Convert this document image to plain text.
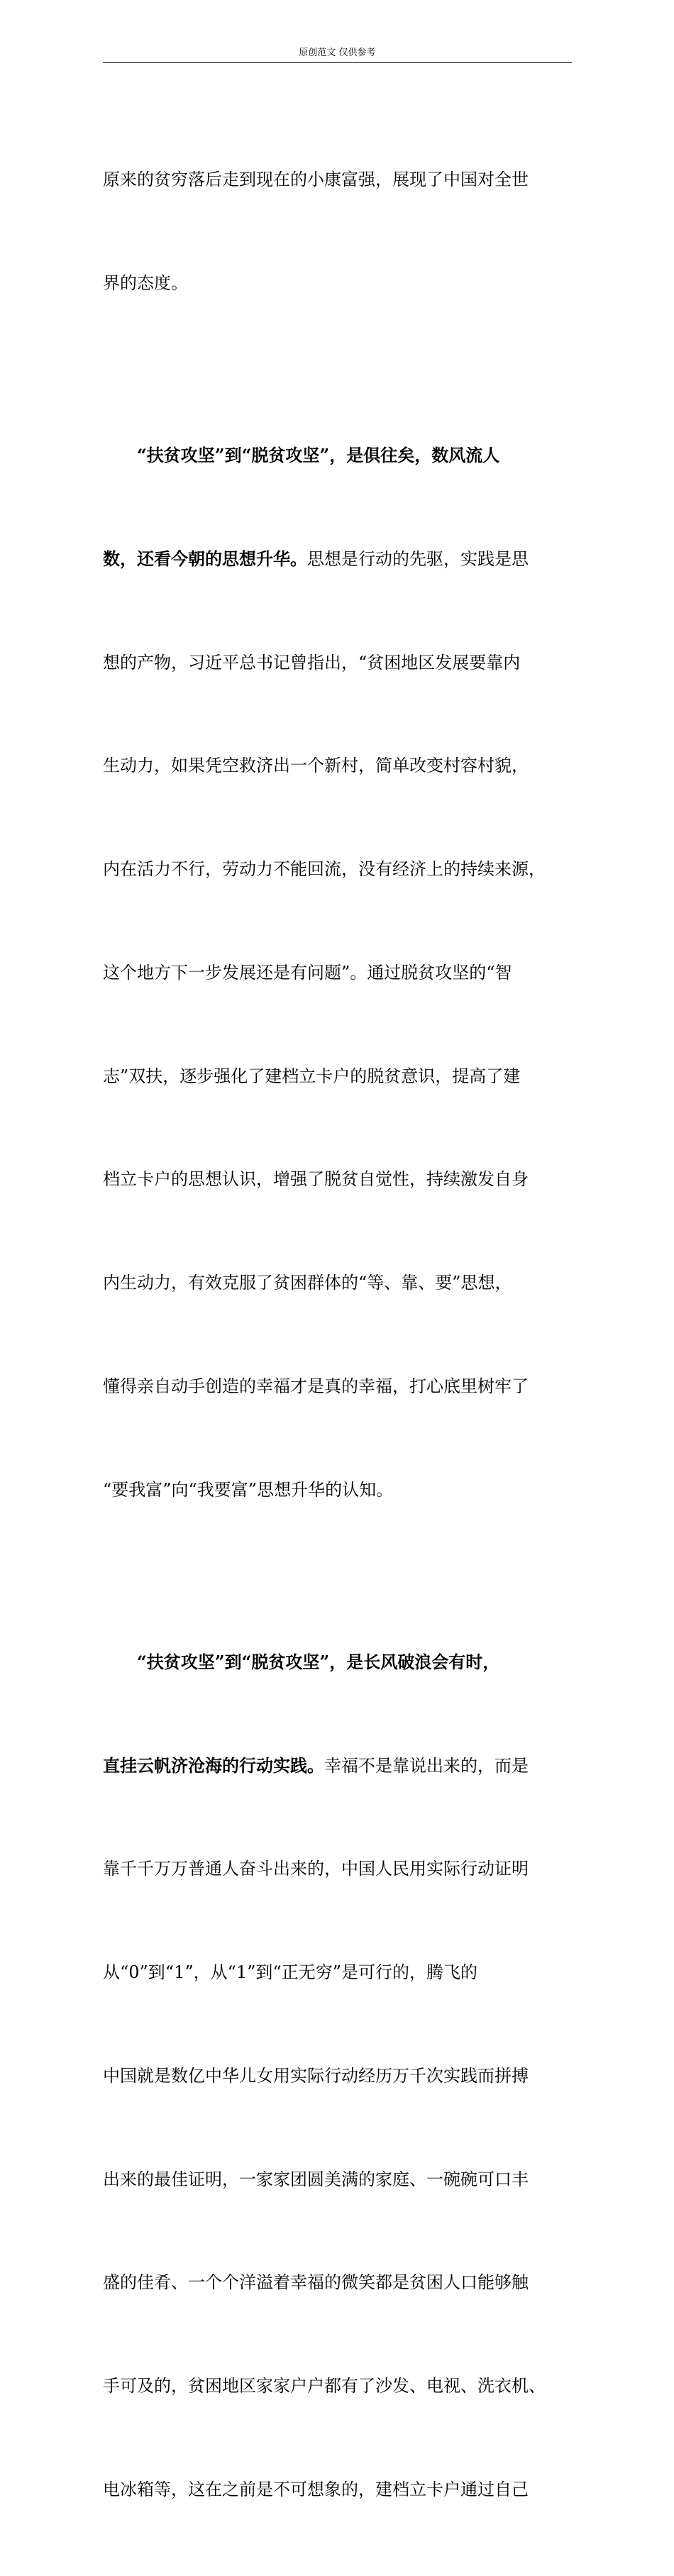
原创范文 仅供参考

原来的贫穷落后走到现在的小康富强，展现了中国对全世

界的态度。

“扶贫攻坚”到“脱贫攻坚”，是俱往矣，数风流人

数，还看今朝的思想升华。思想是行动的先驱，实践是思

想的产物，习近平总书记曾指出，“贫困地区发展要靠内

生动力，如果凭空救济出一个新村，简单改变村容村貌，

内在活力不行，劳动力不能回流，没有经济上的持续来源，

这个地方下一步发展还是有问题”。通过脱贫攻坚的“智

志”双扶，逐步强化了建档立卡户的脱贫意识，提高了建

档立卡户的思想认识，增强了脱贫自觉性，持续激发自身

内生动力，有效克服了贫困群体的“等、靠、要”思想，

懂得亲自动手创造的幸福才是真的幸福，打心底里树牢了

“要我富”向“我要富”思想升华的认知。

“扶贫攻坚”到“脱贫攻坚”，是长风破浪会有时，

直挂云帆济沧海的行动实践。幸福不是靠说出来的，而是

靠千千万万普通人奋斗出来的，中国人民用实际行动证明

从“0”到“1”，从“1”到“正无穷”是可行的，腾飞的

中国就是数亿中华儿女用实际行动经历万千次实践而拼搏

出来的最佳证明，一家家团圆美满的家庭、一碗碗可口丰

盛的佳肴、一个个洋溢着幸福的微笑都是贫困人口能够触

手可及的，贫困地区家家户户都有了沙发、电视、洗衣机、

电冰箱等，这在之前是不可想象的，建档立卡户通过自己
